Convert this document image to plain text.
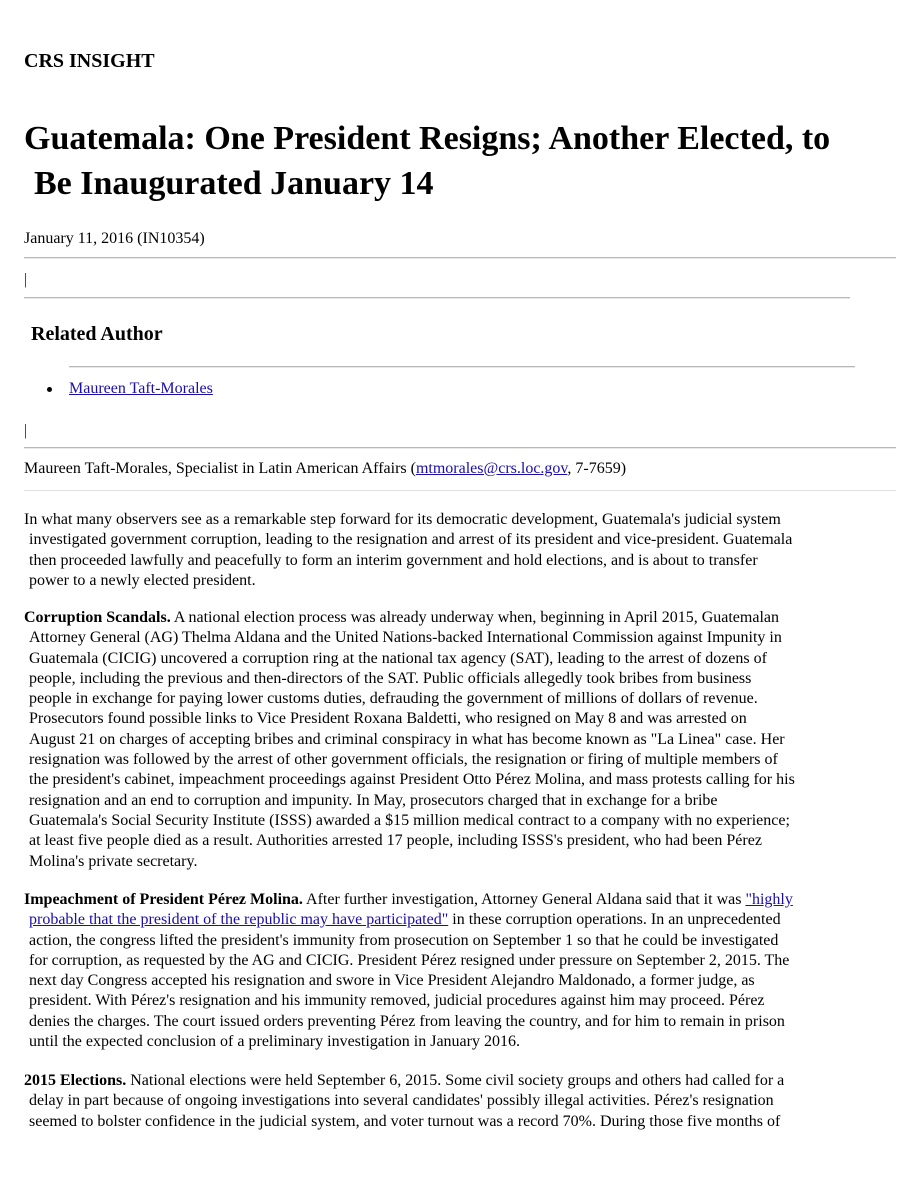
CRS INSIGHT
Guatemala: One President Resigns; Another Elected, to
Be Inaugurated January 14

January 11, 2016 (IN10354)

|
Related Author
Maureen Taft-Morales
|

Maureen Taft-Morales, Specialist in Latin American Affairs (mtmorales@crs.loc.gov, 7-7659)

In what many observers see as a remarkable step forward for its democratic development, Guatemala's judicial system
investigated government corruption, leading to the resignation and arrest of its president and vice-president. Guatemala
then proceeded lawfully and peacefully to form an interim government and hold elections, and is about to transfer
power to a newly elected president.
Corruption Scandals. A national election process was already underway when, beginning in April 2015, Guatemalan
Attorney General (AG) Thelma Aldana and the United Nations-backed International Commission against Impunity in
Guatemala (CICIG) uncovered a corruption ring at the national tax agency (SAT), leading to the arrest of dozens of
people, including the previous and then-directors of the SAT. Public officials allegedly took bribes from business
people in exchange for paying lower customs duties, defrauding the government of millions of dollars of revenue.
Prosecutors found possible links to Vice President Roxana Baldetti, who resigned on May 8 and was arrested on
August 21 on charges of accepting bribes and criminal conspiracy in what has become known as "La Linea" case. Her
resignation was followed by the arrest of other government officials, the resignation or firing of multiple members of
the president's cabinet, impeachment proceedings against President Otto Pérez Molina, and mass protests calling for his
resignation and an end to corruption and impunity. In May, prosecutors charged that in exchange for a bribe
Guatemala's Social Security Institute (ISSS) awarded a $15 million medical contract to a company with no experience;
at least five people died as a result. Authorities arrested 17 people, including ISSS's president, who had been Pérez
Molina's private secretary.
Impeachment of President Pérez Molina. After further investigation, Attorney General Aldana said that it was "highly
probable that the president of the republic may have participated" in these corruption operations. In an unprecedented
action, the congress lifted the president's immunity from prosecution on September 1 so that he could be investigated
for corruption, as requested by the AG and CICIG. President Pérez resigned under pressure on September 2, 2015. The
next day Congress accepted his resignation and swore in Vice President Alejandro Maldonado, a former judge, as
president. With Pérez's resignation and his immunity removed, judicial procedures against him may proceed. Pérez
denies the charges. The court issued orders preventing Pérez from leaving the country, and for him to remain in prison
until the expected conclusion of a preliminary investigation in January 2016.
2015 Elections. National elections were held September 6, 2015. Some civil society groups and others had called for a
delay in part because of ongoing investigations into several candidates' possibly illegal activities. Pérez's resignation
seemed to bolster confidence in the judicial system, and voter turnout was a record 70%. During those five months of
